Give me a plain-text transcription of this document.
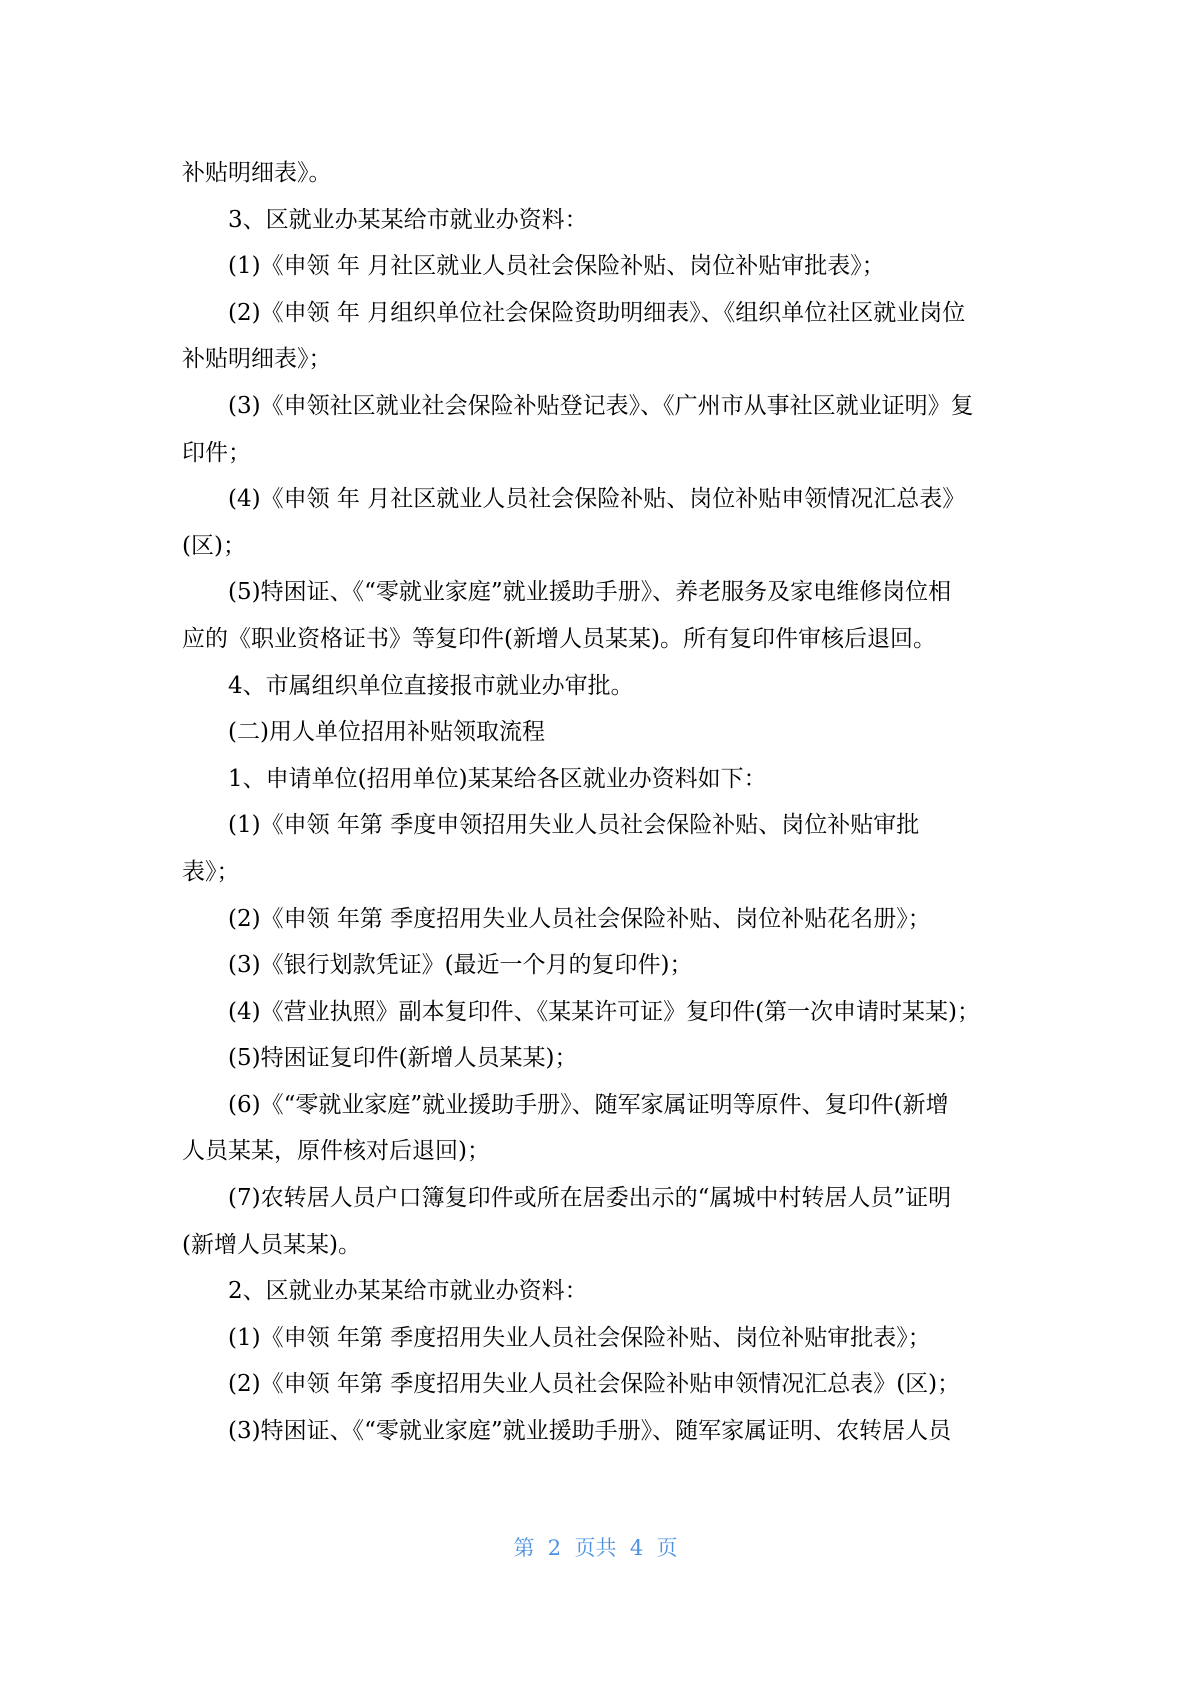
补贴明细表》。
3、区就业办某某给市就业办资料：
(1)《申领 年 月社区就业人员社会保险补贴、岗位补贴审批表》；
(2)《申领 年 月组织单位社会保险资助明细表》、《组织单位社区就业岗位
补贴明细表》；
(3)《申领社区就业社会保险补贴登记表》、《广州市从事社区就业证明》复
印件；
(4)《申领 年 月社区就业人员社会保险补贴、岗位补贴申领情况汇总表》
(区)；
(5)特困证、《“零就业家庭”就业援助手册》、养老服务及家电维修岗位相
应的《职业资格证书》等复印件(新增人员某某)。所有复印件审核后退回。
4、市属组织单位直接报市就业办审批。
(二)用人单位招用补贴领取流程
1、申请单位(招用单位)某某给各区就业办资料如下：
(1)《申领 年第 季度申领招用失业人员社会保险补贴、岗位补贴审批
表》；
(2)《申领 年第 季度招用失业人员社会保险补贴、岗位补贴花名册》；
(3)《银行划款凭证》(最近一个月的复印件)；
(4)《营业执照》副本复印件、《某某许可证》复印件(第一次申请时某某)；
(5)特困证复印件(新增人员某某)；
(6)《“零就业家庭”就业援助手册》、随军家属证明等原件、复印件(新增
人员某某，原件核对后退回)；
(7)农转居人员户口簿复印件或所在居委出示的“属城中村转居人员”证明
(新增人员某某)。
2、区就业办某某给市就业办资料：
(1)《申领 年第 季度招用失业人员社会保险补贴、岗位补贴审批表》；
(2)《申领 年第 季度招用失业人员社会保险补贴申领情况汇总表》(区)；
(3)特困证、《“零就业家庭”就业援助手册》、随军家属证明、农转居人员
第  2  页共  4  页
